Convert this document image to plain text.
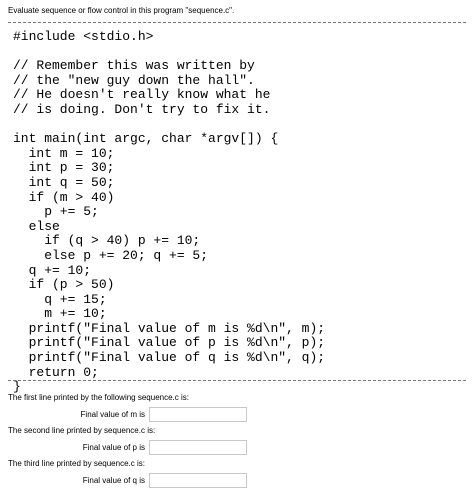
Evaluate sequence or flow control in this program "sequence.c".
#include <stdio.h>
// Remember this was written by
// the "new guy down the hall".
// He doesn't really know what he
// is doing. Don't try to fix it.
int main(int argc, char *argv[]) {
int m = 10;
int p = 30;
int q = 50;
if (m > 40)
p += 5;
else
if (q > 40) p += 10;
else p += 20; q += 5;
q += 10;
if (p > 50)
q += 15;
m += 10;
printf("Final value of m is %d\n", m);
printf("Final value of p is %d\n", p);
printf("Final value of q is %d\n", q);
return 0;
}
The first line printed by the following sequence.c is:
Final value of m is
The second line printed by sequence.c is:
Final value of p is
The third line printed by sequence.c is:
Final value of q is
